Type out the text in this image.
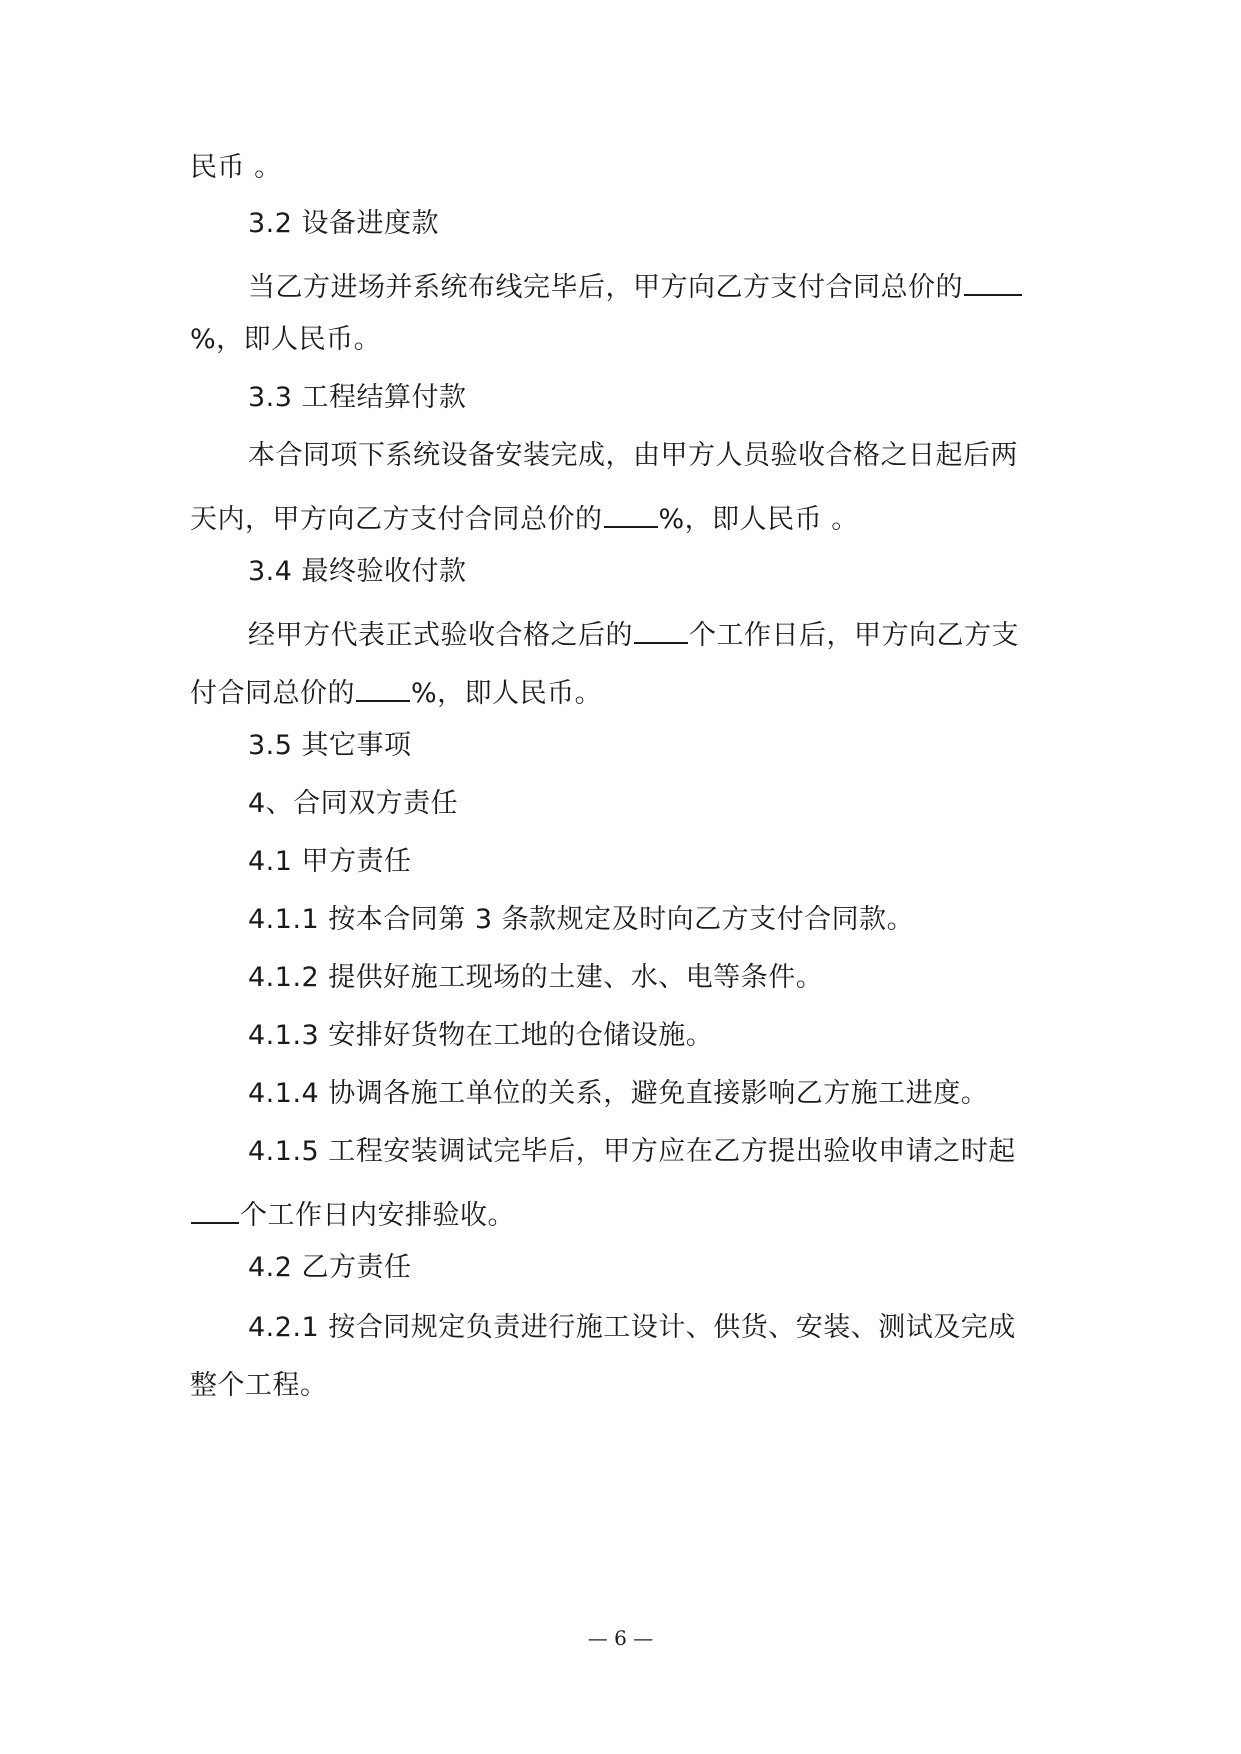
民币 。
3.2 设备进度款
当乙方进场并系统布线完毕后，甲方向乙方支付合同总价的
%，即人民币。
3.3 工程结算付款
本合同项下系统设备安装完成，由甲方人员验收合格之日起后两
天内，甲方向乙方支付合同总价的 %，即人民币 。
3.4 最终验收付款
经甲方代表正式验收合格之后的 个工作日后，甲方向乙方支
付合同总价的 %，即人民币。
3.5 其它事项
4、合同双方责任
4.1 甲方责任
4.1.1 按本合同第 3 条款规定及时向乙方支付合同款。
4.1.2 提供好施工现场的土建、水、电等条件。
4.1.3 安排好货物在工地的仓储设施。
4.1.4 协调各施工单位的关系，避免直接影响乙方施工进度。
4.1.5 工程安装调试完毕后，甲方应在乙方提出验收申请之时起
个工作日内安排验收。
4.2 乙方责任
4.2.1 按合同规定负责进行施工设计、供货、安装、测试及完成
整个工程。
— 6 —
